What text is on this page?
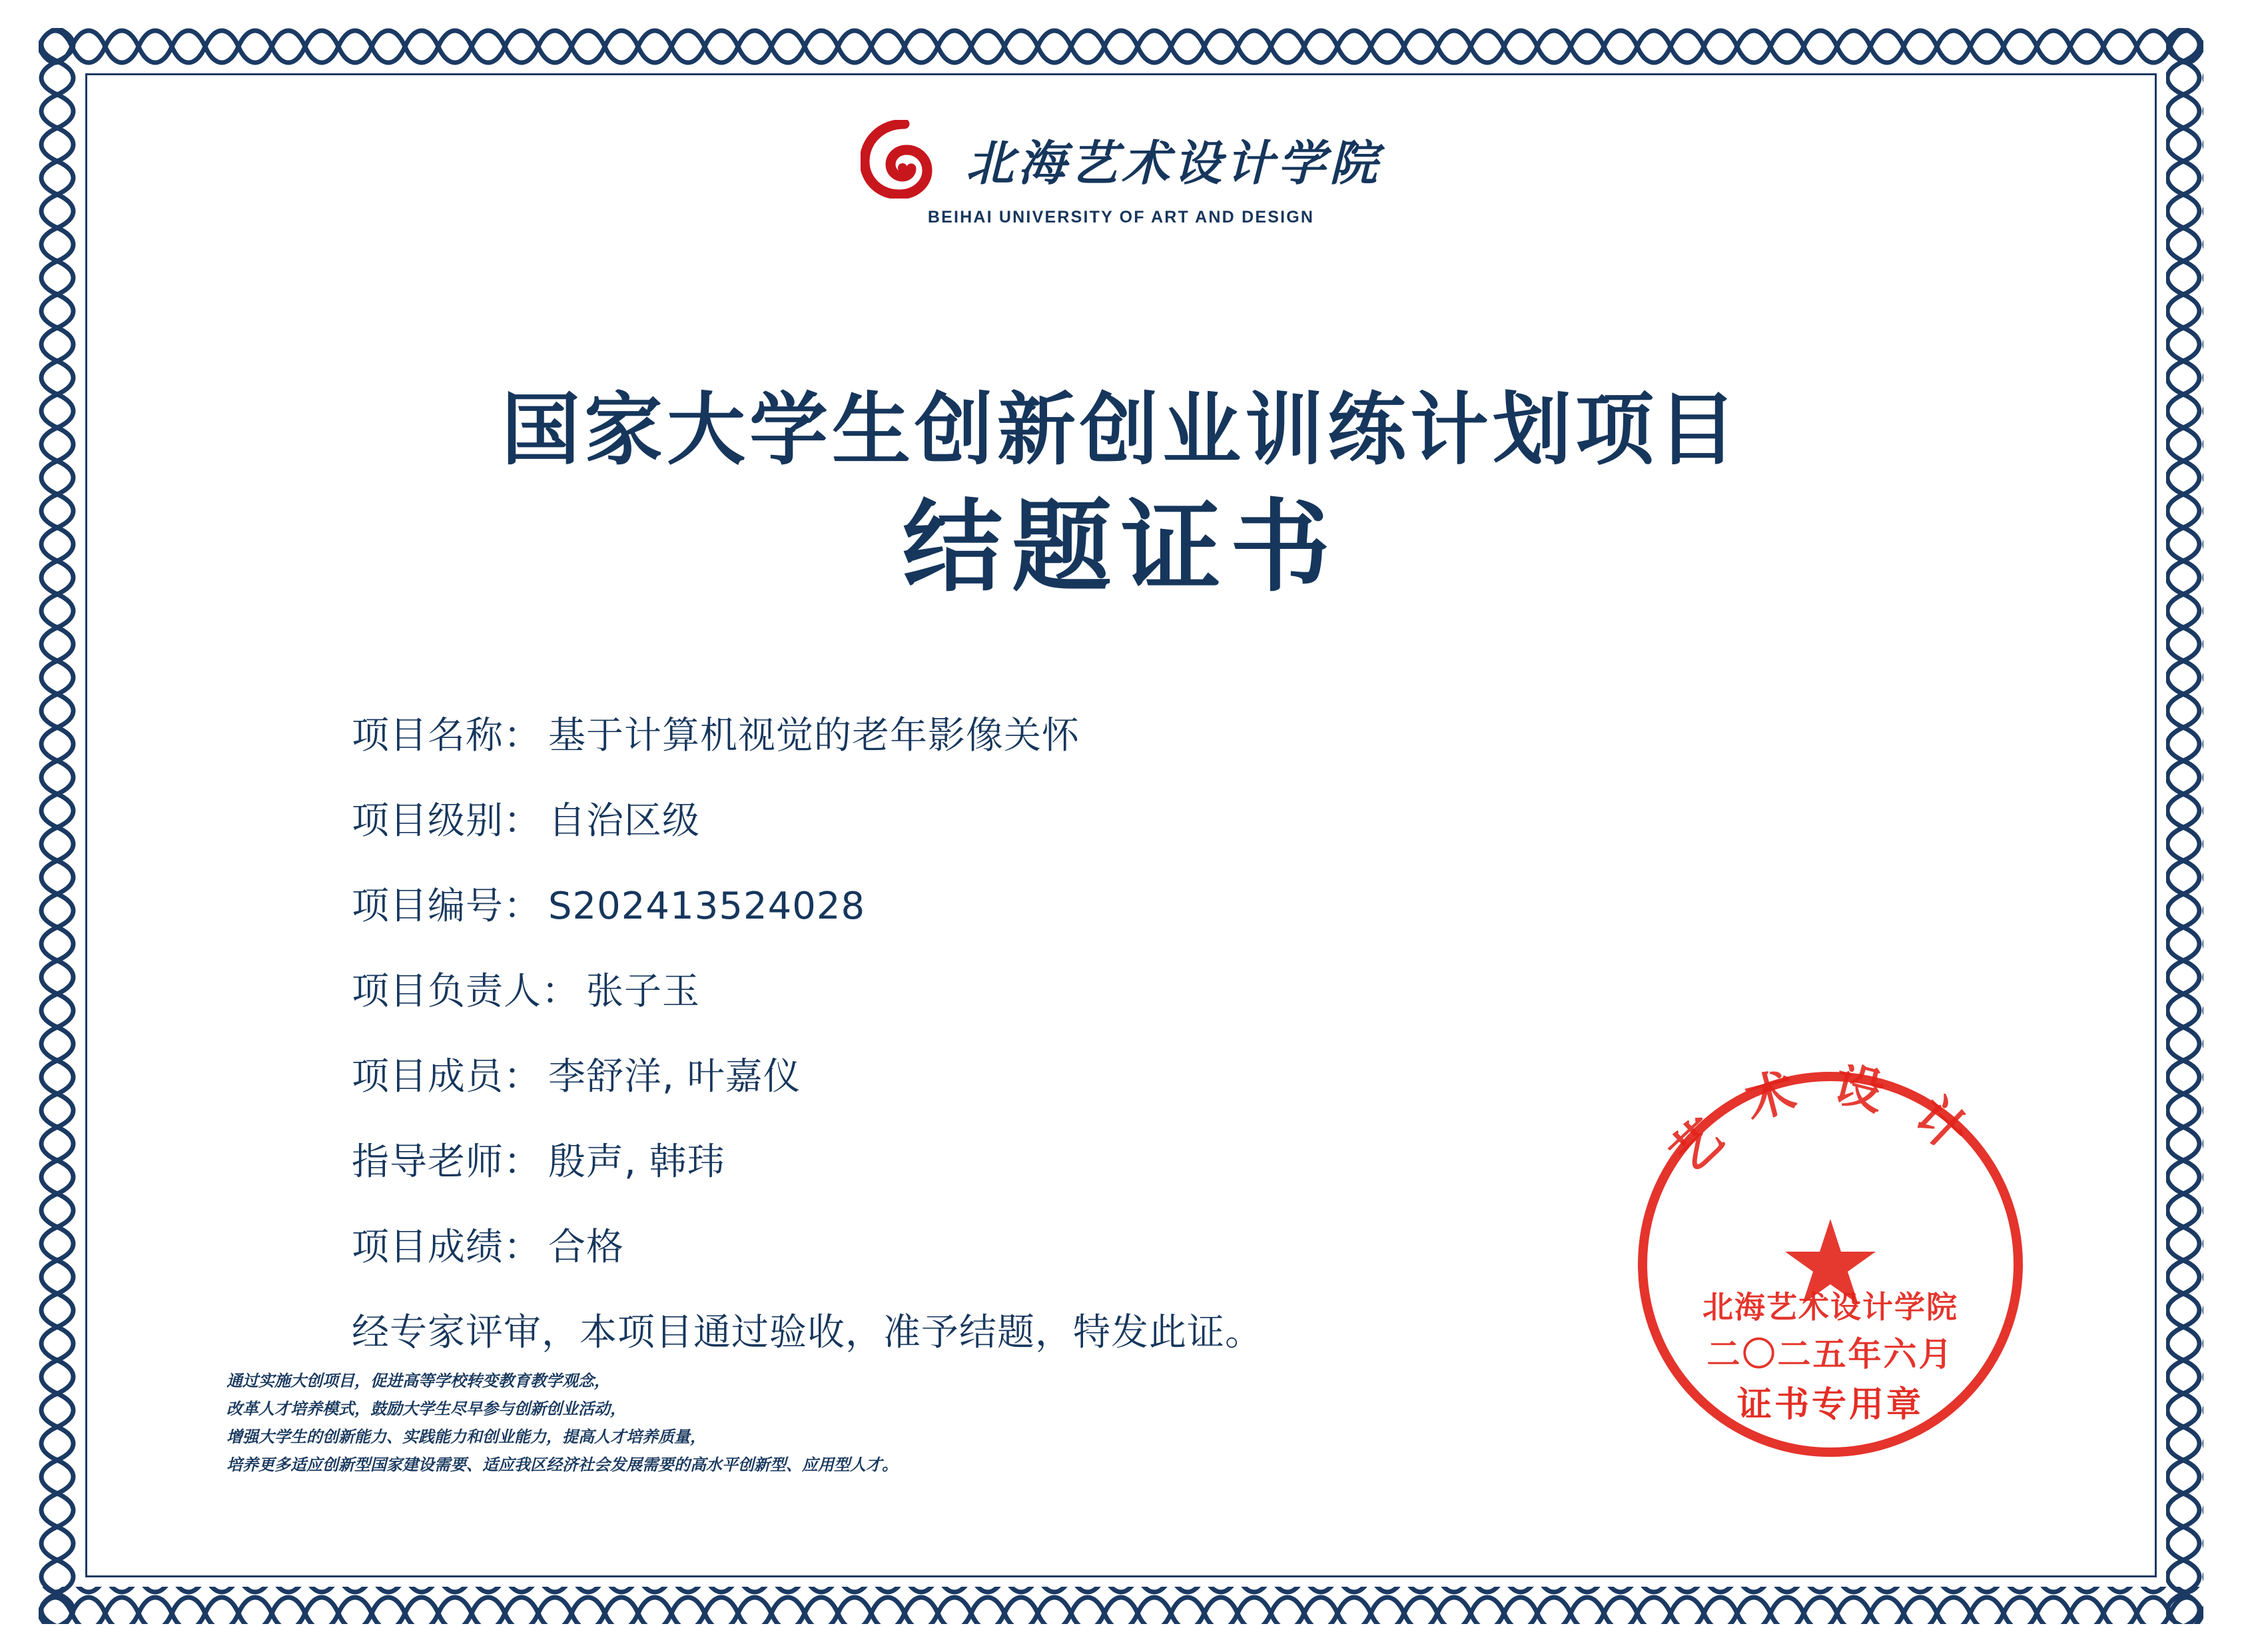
北海艺术设计学院
BEIHAI UNIVERSITY OF ART AND DESIGN
国家大学生创新创业训练计划项目
结题证书
项目名称： 基于计算机视觉的老年影像关怀
项目级别： 自治区级
项目编号： S202413524028
项目负责人： 张子玉
项目成员： 李舒洋, 叶嘉仪
指导老师： 殷声, 韩玮
项目成绩： 合格
经专家评审，本项目通过验收，准予结题，特发此证。
通过实施大创项目，促进高等学校转变教育教学观念，
改革人才培养模式，鼓励大学生尽早参与创新创业活动，
增强大学生的创新能力、实践能力和创业能力，提高人才培养质量，
培养更多适应创新型国家建设需要、适应我区经济社会发展需要的高水平创新型、应用型人才。
艺术设计
北海艺术设计学院
二〇二五年六月
证书专用章
